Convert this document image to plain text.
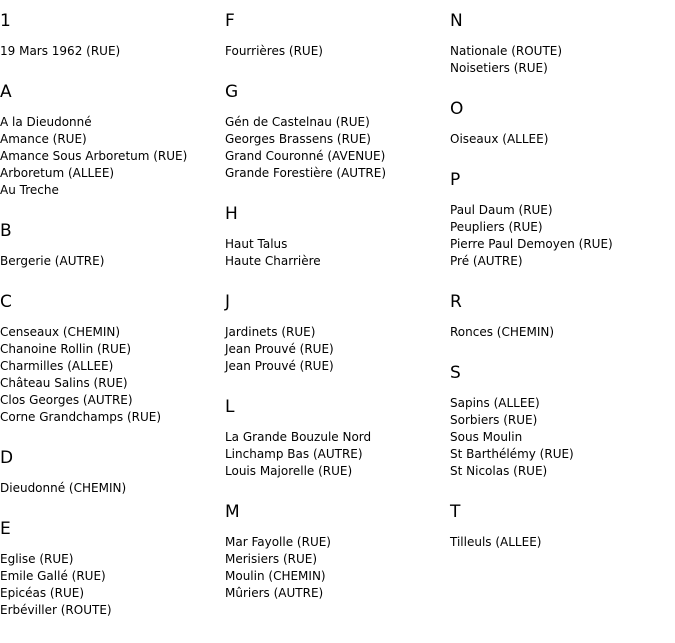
1
19 Mars 1962 (RUE)
A
A la Dieudonné
Amance (RUE)
Amance Sous Arboretum (RUE)
Arboretum (ALLEE)
Au Treche
B
Bergerie (AUTRE)
C
Censeaux (CHEMIN)
Chanoine Rollin (RUE)
Charmilles (ALLEE)
Château Salins (RUE)
Clos Georges (AUTRE)
Corne Grandchamps (RUE)
D
Dieudonné (CHEMIN)
E
Eglise (RUE)
Emile Gallé (RUE)
Epicéas (RUE)
Erbéviller (ROUTE)
F
Fourrières (RUE)
G
Gén de Castelnau (RUE)
Georges Brassens (RUE)
Grand Couronné (AVENUE)
Grande Forestière (AUTRE)
H
Haut Talus
Haute Charrière
J
Jardinets (RUE)
Jean Prouvé (RUE)
Jean Prouvé (RUE)
L
La Grande Bouzule Nord
Linchamp Bas (AUTRE)
Louis Majorelle (RUE)
M
Mar Fayolle (RUE)
Merisiers (RUE)
Moulin (CHEMIN)
Mûriers (AUTRE)
N
Nationale (ROUTE)
Noisetiers (RUE)
O
Oiseaux (ALLEE)
P
Paul Daum (RUE)
Peupliers (RUE)
Pierre Paul Demoyen (RUE)
Pré (AUTRE)
R
Ronces (CHEMIN)
S
Sapins (ALLEE)
Sorbiers (RUE)
Sous Moulin
St Barthélémy (RUE)
St Nicolas (RUE)
T
Tilleuls (ALLEE)
